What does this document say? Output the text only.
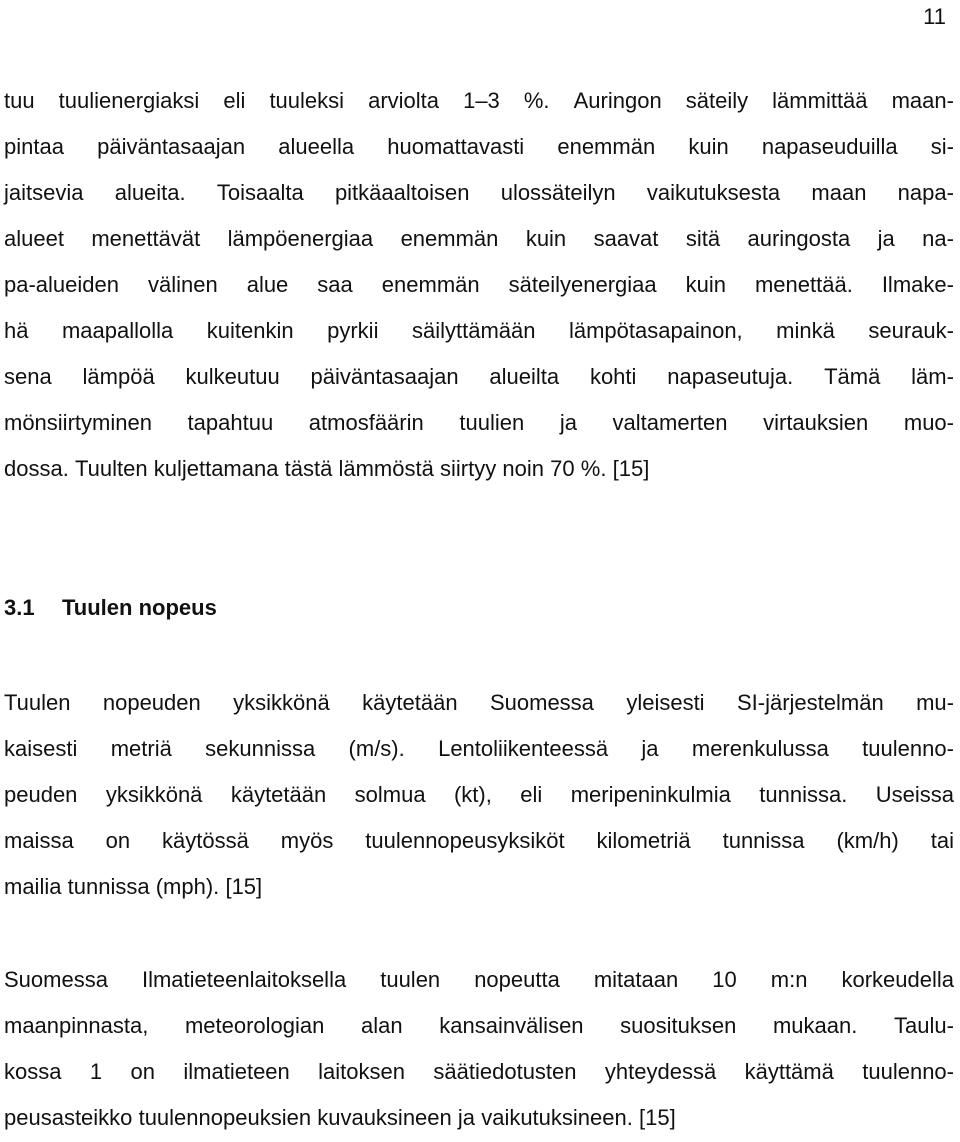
11
tuu tuulienergiaksi eli tuuleksi arviolta 1–3 %. Auringon säteily lämmittää maan-
pintaa päiväntasaajan alueella huomattavasti enemmän kuin napaseuduilla si-
jaitsevia alueita. Toisaalta pitkäaaltoisen ulossäteilyn vaikutuksesta maan napa-
alueet menettävät lämpöenergiaa enemmän kuin saavat sitä auringosta ja na-
pa-alueiden välinen alue saa enemmän säteilyenergiaa kuin menettää. Ilmake-
hä maapallolla kuitenkin pyrkii säilyttämään lämpötasapainon, minkä seurauk-
sena lämpöä kulkeutuu päiväntasaajan alueilta kohti napaseutuja. Tämä läm-
mönsiirtyminen tapahtuu atmosfäärin tuulien ja valtamerten virtauksien muo-
dossa. Tuulten kuljettamana tästä lämmöstä siirtyy noin 70 %. [15]
3.1 Tuulen nopeus
Tuulen nopeuden yksikkönä käytetään Suomessa yleisesti SI-järjestelmän mu-
kaisesti metriä sekunnissa (m/s). Lentoliikenteessä ja merenkulussa tuulenno-
peuden yksikkönä käytetään solmua (kt), eli meripeninkulmia tunnissa. Useissa
maissa on käytössä myös tuulennopeusyksiköt kilometriä tunnissa (km/h) tai
mailia tunnissa (mph). [15]
Suomessa Ilmatieteenlaitoksella tuulen nopeutta mitataan 10 m:n korkeudella
maanpinnasta, meteorologian alan kansainvälisen suosituksen mukaan. Taulu-
kossa 1 on ilmatieteen laitoksen säätiedotusten yhteydessä käyttämä tuulenno-
peusasteikko tuulennopeuksien kuvauksineen ja vaikutuksineen. [15]
